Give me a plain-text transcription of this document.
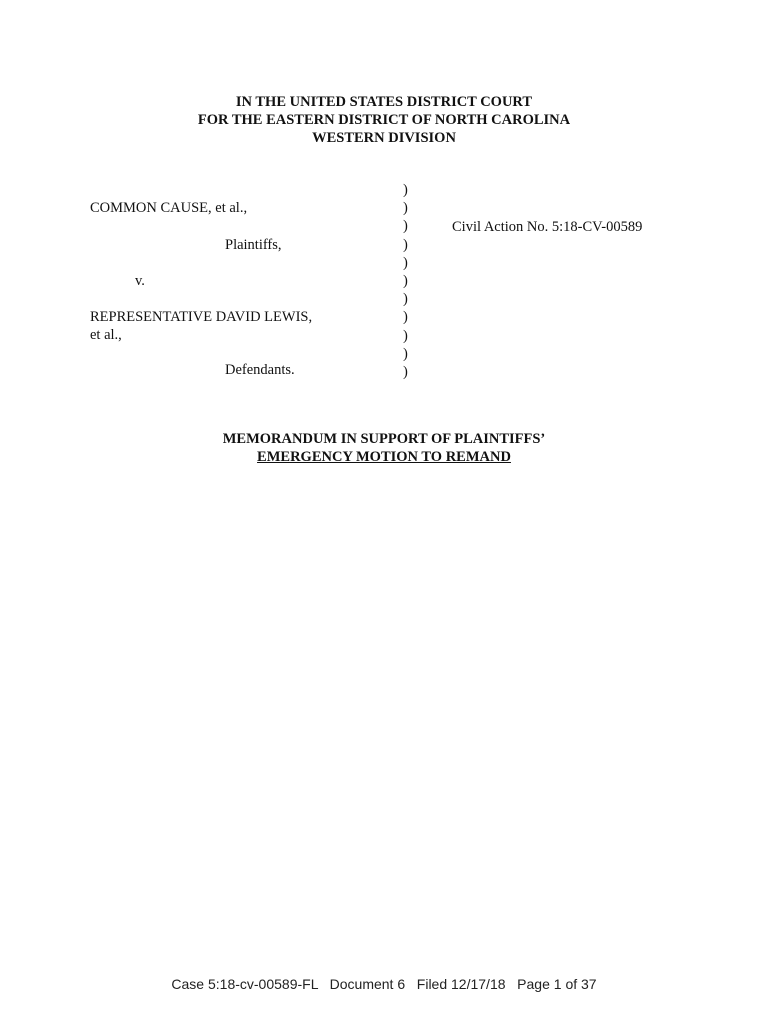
IN THE UNITED STATES DISTRICT COURT
FOR THE EASTERN DISTRICT OF NORTH CAROLINA
WESTERN DIVISION
COMMON CAUSE, et al.,
Plaintiffs,
v.
REPRESENTATIVE DAVID LEWIS,
et al.,
Defendants.
Civil Action No. 5:18-CV-00589
)
)
)
)
)
)
)
)
)
)
)
MEMORANDUM IN SUPPORT OF PLAINTIFFS’
EMERGENCY MOTION TO REMAND
Case 5:18-cv-00589-FL   Document 6   Filed 12/17/18   Page 1 of 37
